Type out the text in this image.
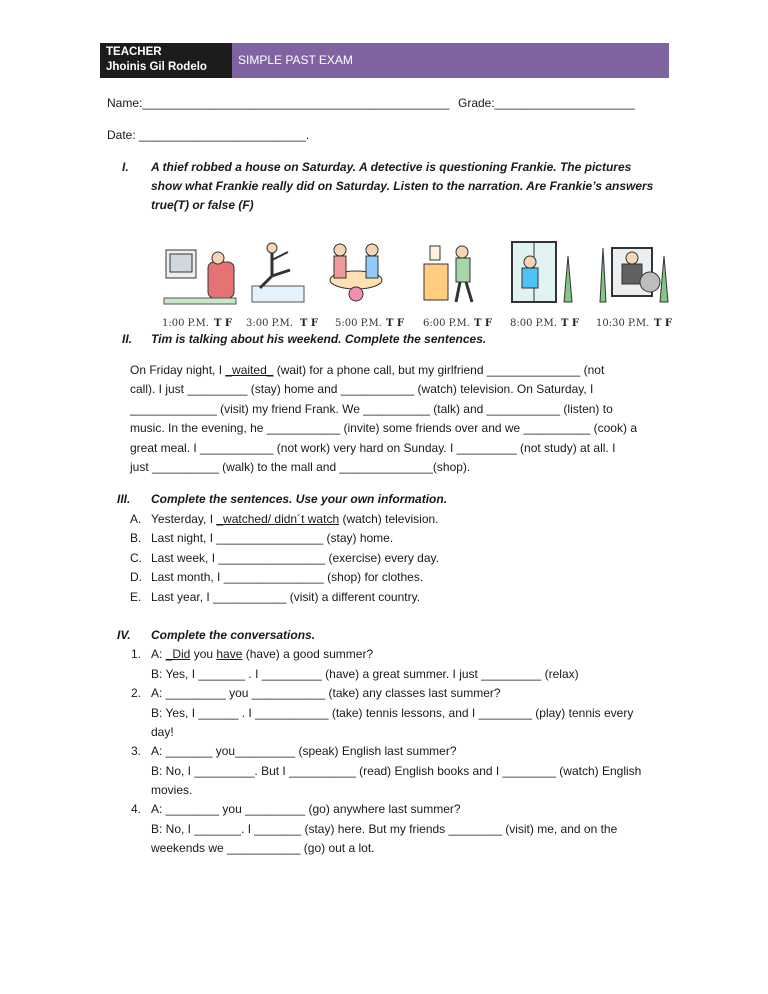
TEACHER
Jhoinis Gil Rodelo	SIMPLE PAST EXAM
Name:______________________________________________ Grade:_____________________
Date: _________________________.
I. A thief robbed a house on Saturday. A detective is questioning Frankie. The pictures
show what Frankie really did on Saturday. Listen to the narration. Are Frankie’s answers
true(T) or false (F)
1:00 P.M. T F 3:00 P.M. T F 5:00 P.M. T F 6:00 P.M. T F 8:00 P.M. T F 10:30 P.M. T F
II. Tim is talking about his weekend. Complete the sentences.
On Friday night, I _waited_ (wait) for a phone call, but my girlfriend ______________ (not
call). I just _________ (stay) home and ___________ (watch) television. On Saturday, I
_____________ (visit) my friend Frank. We __________ (talk) and ___________ (listen) to
music. In the evening, he ___________ (invite) some friends over and we __________ (cook) a
great meal. I ___________ (not work) very hard on Sunday. I _________ (not study) at all. I
just __________ (walk) to the mall and ______________(shop).
III. Complete the sentences. Use your own information.
A. Yesterday, I _watched/ didn´t watch (watch) television.
B. Last night, I ________________ (stay) home.
C. Last week, I ________________ (exercise) every day.
D. Last month, I _______________ (shop) for clothes.
E. Last year, I ___________ (visit) a different country.
IV. Complete the conversations.
1. A: _Did you have (have) a good summer?
B: Yes, I _______ . I _________ (have) a great summer. I just _________ (relax)
2. A: _________ you ___________ (take) any classes last summer?
B: Yes, I ______ . I ___________ (take) tennis lessons, and I ________ (play) tennis every
day!
3. A: _______ you_________ (speak) English last summer?
B: No, I _________. But I __________ (read) English books and I ________ (watch) English
movies.
4. A: ________ you _________ (go) anywhere last summer?
B: No, I _______. I _______ (stay) here. But my friends ________ (visit) me, and on the
weekends we ___________ (go) out a lot.
